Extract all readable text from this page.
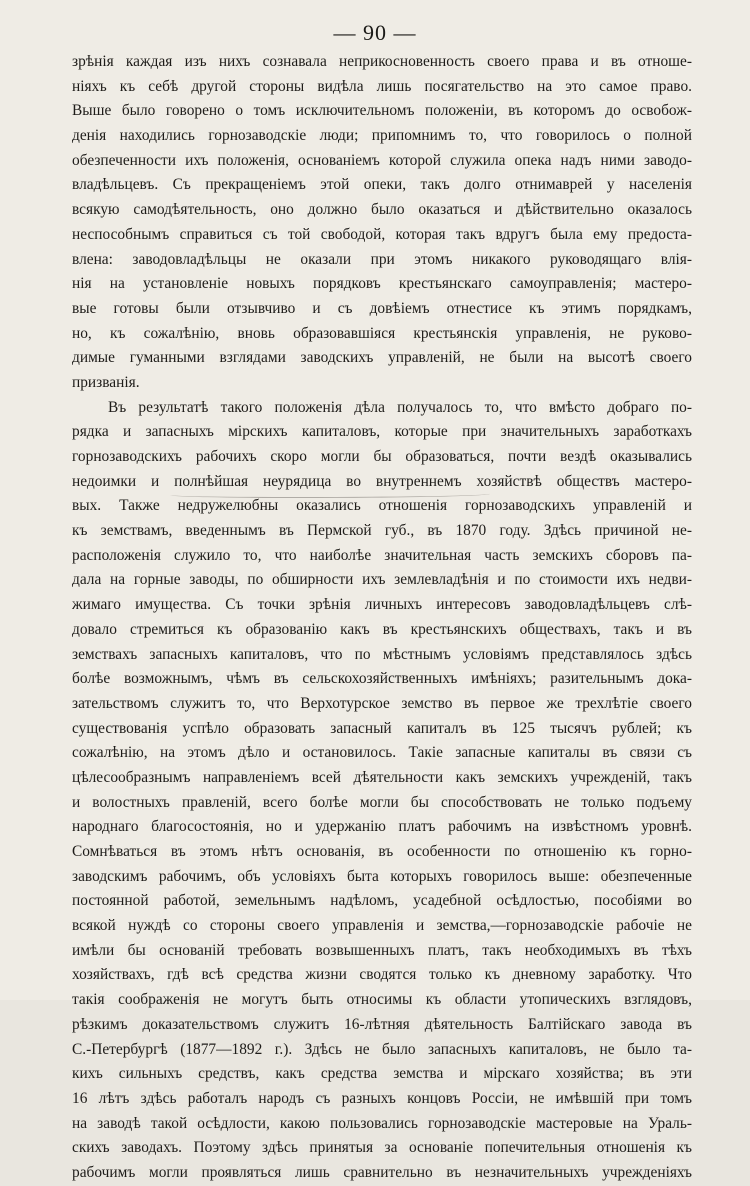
— 90 —
зрѣнія каждая изъ нихъ сознавала неприкосновенность своего права и въ отноше-
ніяхъ къ себѣ другой стороны видѣла лишь посягательство на это самое право.
Выше было говорено о томъ исключительномъ положеніи, въ которомъ до освобож-
денія находились горнозаводскіе люди; припомнимъ то, что говорилось о полной
обезпеченности ихъ положенія, основаніемъ которой служила опека надъ ними заводо-
владѣльцевъ. Съ прекращеніемъ этой опеки, такъ долго отнимаврей у населенія
всякую самодѣятельность, оно должно было оказаться и дѣйствительно оказалось
неспособнымъ справиться съ той свободой, которая такъ вдругъ была ему предоста-
влена: заводовладѣльцы не оказали при этомъ никакого руководящаго влія-
нія на установленіе новыхъ порядковъ крестьянскаго самоуправленія; мастеро-
вые готовы были отзывчиво и съ довѣіемъ отнестисе къ этимъ порядкамъ,
но, къ сожалѣнію, вновь образовавшіяся крестьянскія управленія, не руково-
димые гуманными взглядами заводскихъ управленій, не были на высотѣ своего
призванія.
Въ результатѣ такого положенія дѣла получалось то, что вмѣсто добраго по-
рядка и запасныхъ мірскихъ капиталовъ, которые при значительныхъ заработкахъ
горнозаводскихъ рабочихъ скоро могли бы образоваться, почти вездѣ оказывались
недоимки и полнѣйшая неурядица во внутреннемъ хозяйствѣ обществъ мастеро-
вых. Также недружелюбны оказались отношенія горнозаводскихъ управленій и
къ земствамъ, введеннымъ въ Пермской губ., въ 1870 году. Здѣсь причиной не-
расположенія служило то, что наиболѣе значительная часть земскихъ сборовъ па-
дала на горные заводы, по обширности ихъ землевладѣнія и по стоимости ихъ недви-
жимаго имущества. Съ точки зрѣнія личныхъ интересовъ заводовладѣльцевъ слѣ-
довало стремиться къ образованію какъ въ крестьянскихъ обществахъ, такъ и въ
земствахъ запасныхъ капиталовъ, что по мѣстнымъ условіямъ представлялось здѣсь
болѣе возможнымъ, чѣмъ въ сельскохозяйственныхъ имѣніяхъ; разительнымъ дока-
зательствомъ служитъ то, что Верхотурское земство въ первое же трехлѣтіе своего
существованія успѣло образовать запасный капиталъ въ 125 тысячъ рублей; къ
сожалѣнію, на этомъ дѣло и остановилось. Такіе запасные капиталы въ связи съ
цѣлесообразнымъ направленіемъ всей дѣятельности какъ земскихъ учрежденій, такъ
и волостныхъ правленій, всего болѣе могли бы способствовать не только подъему
народнаго благосостоянія, но и удержанію платъ рабочимъ на извѣстномъ уровнѣ.
Сомнѣваться въ этомъ нѣтъ основанія, въ особенности по отношенію къ горно-
заводскимъ рабочимъ, объ условіяхъ быта которыхъ говорилось выше: обезпеченные
постоянной работой, земельнымъ надѣломъ, усадебной осѣдлостью, пособіями во
всякой нуждѣ со стороны своего управленія и земства,—горнозаводскіе рабочіе не
имѣли бы основаній требовать возвышенныхъ платъ, такъ необходимыхъ въ тѣхъ
хозяйствахъ, гдѣ всѣ средства жизни сводятся только къ дневному заработку. Что
такія соображенія не могутъ быть относимы къ области утопическихъ взглядовъ,
рѣзкимъ доказательствомъ служитъ 16-лѣтняя дѣятельность Балтійскаго завода въ
С.-Петербургѣ (1877—1892 г.). Здѣсь не было запасныхъ капиталовъ, не было та-
кихъ сильныхъ средствъ, какъ средства земства и мірскаго хозяйства; въ эти
16 лѣтъ здѣсь работалъ народъ съ разныхъ концовъ Россіи, не имѣвшій при томъ
на заводѣ такой осѣдлости, какою пользовались горнозаводскіе мастеровые на Ураль-
скихъ заводахъ. Поэтому здѣсь принятыя за основаніе попечительныя отношенія къ
рабочимъ могли проявляться лишь сравнительно въ незначительныхъ учрежденіяхъ
